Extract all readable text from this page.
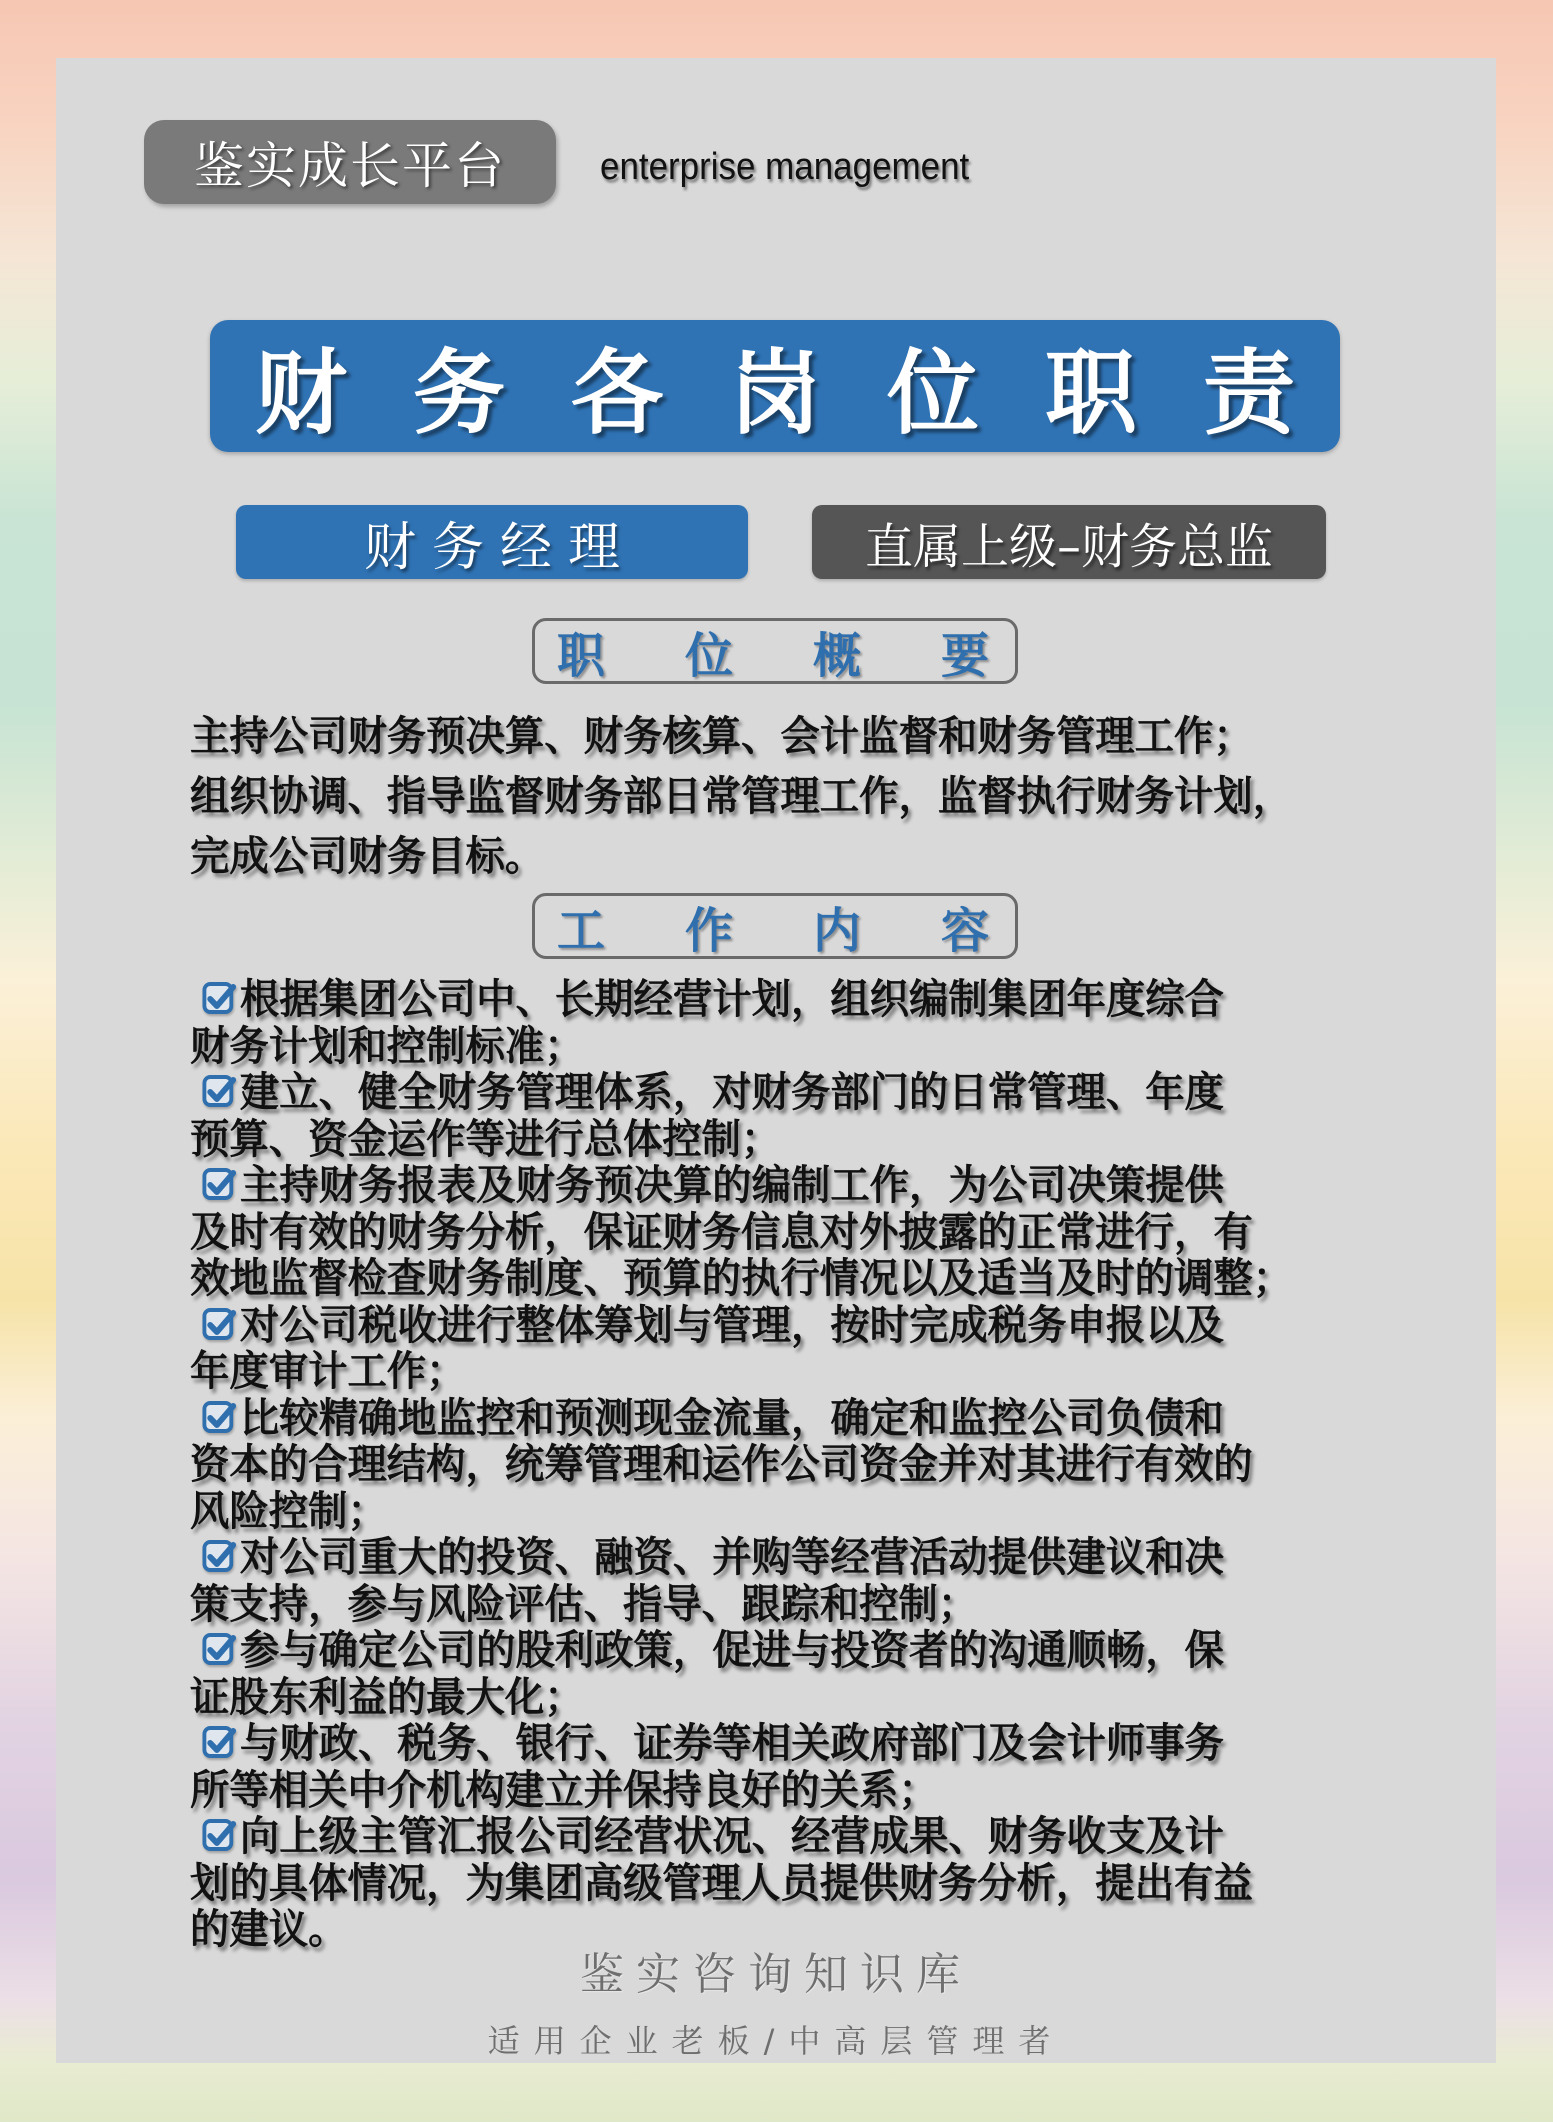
鉴实成长平台 enterprise management
财务各岗位职责
财务经理	直属上级–财务总监
职 位 概 要
主持公司财务预决算、财务核算、会计监督和财务管理工作；
组织协调、指导监督财务部日常管理工作，监督执行财务计划，
完成公司财务目标。
工 作 内 容
根据集团公司中、长期经营计划，组织编制集团年度综合
财务计划和控制标准；
建立、健全财务管理体系，对财务部门的日常管理、年度
预算、资金运作等进行总体控制；
主持财务报表及财务预决算的编制工作，为公司决策提供
及时有效的财务分析，保证财务信息对外披露的正常进行，有
效地监督检查财务制度、预算的执行情况以及适当及时的调整；
对公司税收进行整体筹划与管理，按时完成税务申报以及
年度审计工作；
比较精确地监控和预测现金流量，确定和监控公司负债和
资本的合理结构，统筹管理和运作公司资金并对其进行有效的
风险控制；
对公司重大的投资、融资、并购等经营活动提供建议和决
策支持，参与风险评估、指导、跟踪和控制；
参与确定公司的股利政策，促进与投资者的沟通顺畅，保
证股东利益的最大化；
与财政、税务、银行、证券等相关政府部门及会计师事务
所等相关中介机构建立并保持良好的关系；
向上级主管汇报公司经营状况、经营成果、财务收支及计
划的具体情况，为集团高级管理人员提供财务分析，提出有益
的建议。
鉴实咨询知识库
适用企业老板/中高层管理者
